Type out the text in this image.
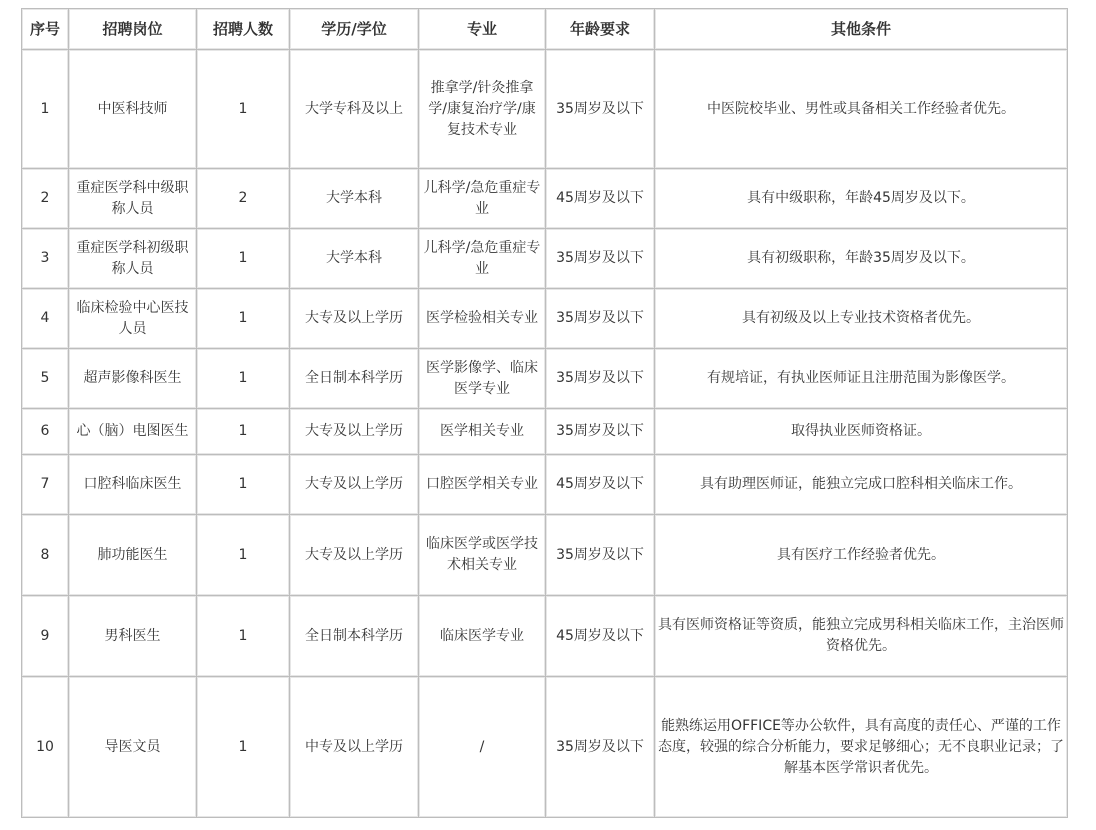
序号	招聘岗位	招聘人数	学历/学位	专业	年龄要求	其他条件
1	中医科技师	1	大学专科及以上	推拿学/针灸推拿学/康复治疗学/康复技术专业	35周岁及以下	中医院校毕业、男性或具备相关工作经验者优先。
2	重症医学科中级职称人员	2	大学本科	儿科学/急危重症专业	45周岁及以下	具有中级职称，年龄45周岁及以下。
3	重症医学科初级职称人员	1	大学本科	儿科学/急危重症专业	35周岁及以下	具有初级职称，年龄35周岁及以下。
4	临床检验中心医技人员	1	大专及以上学历	医学检验相关专业	35周岁及以下	具有初级及以上专业技术资格者优先。
5	超声影像科医生	1	全日制本科学历	医学影像学、临床医学专业	35周岁及以下	有规培证，有执业医师证且注册范围为影像医学。
6	心（脑）电图医生	1	大专及以上学历	医学相关专业	35周岁及以下	取得执业医师资格证。
7	口腔科临床医生	1	大专及以上学历	口腔医学相关专业	45周岁及以下	具有助理医师证，能独立完成口腔科相关临床工作。
8	肺功能医生	1	大专及以上学历	临床医学或医学技术相关专业	35周岁及以下	具有医疗工作经验者优先。
9	男科医生	1	全日制本科学历	临床医学专业	45周岁及以下	具有医师资格证等资质，能独立完成男科相关临床工作，主治医师资格优先。
10	导医文员	1	中专及以上学历	/	35周岁及以下	能熟练运用OFFICE等办公软件，具有高度的责任心、严谨的工作态度，较强的综合分析能力，要求足够细心；无不良职业记录；了解基本医学常识者优先。
